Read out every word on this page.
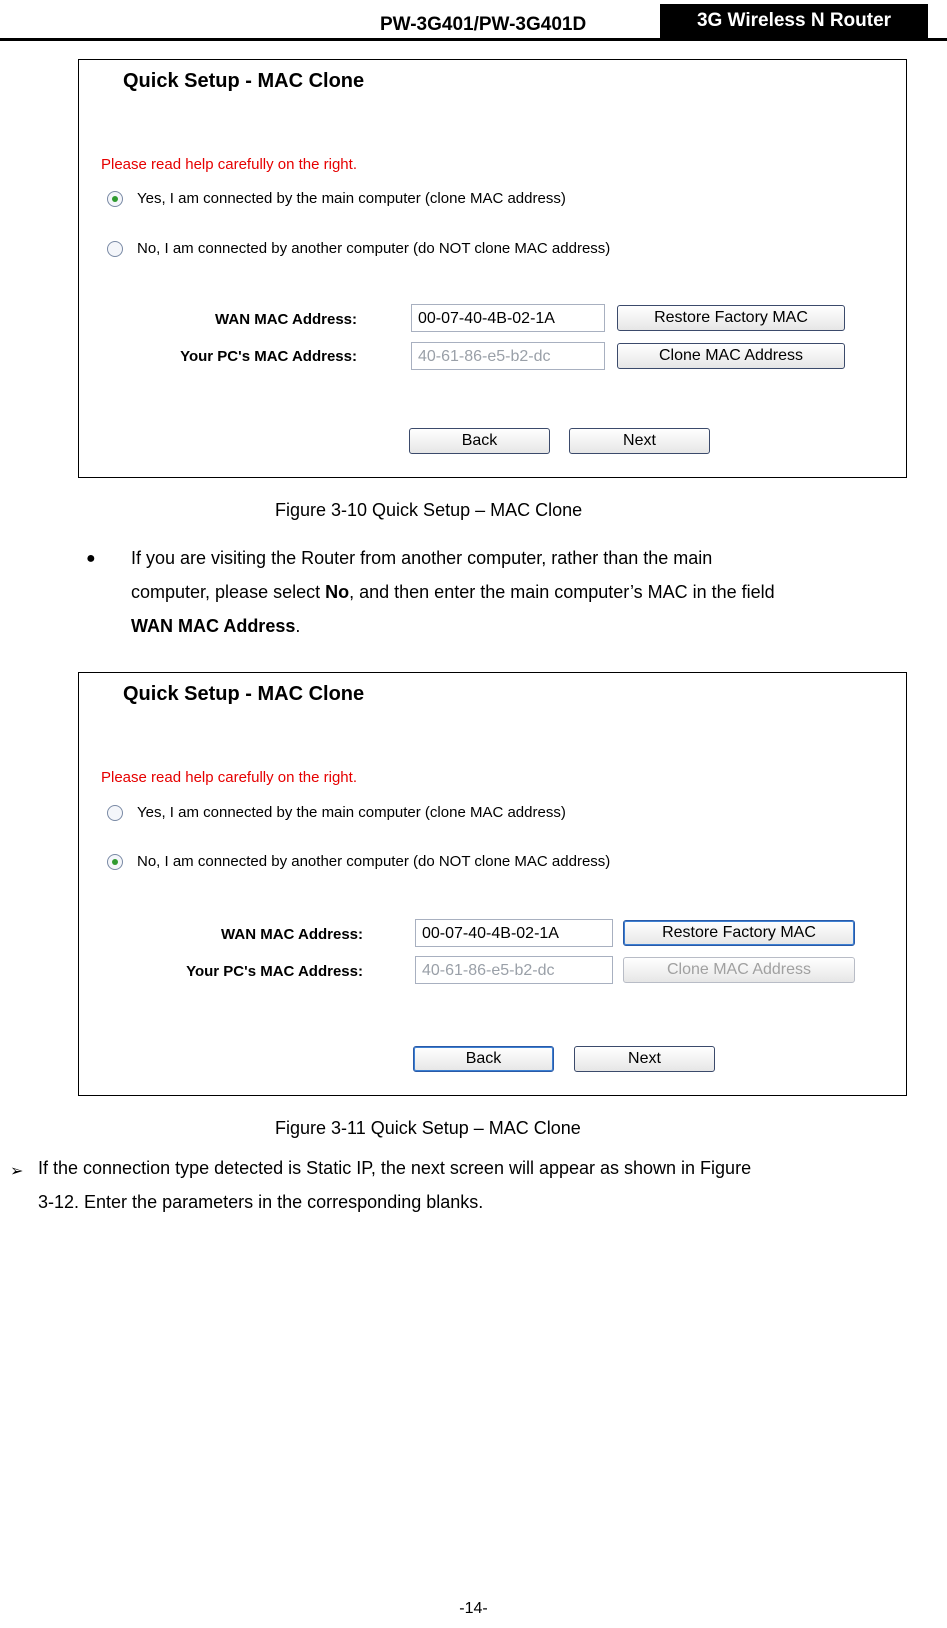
PW-3G401/PW-3G401D	3G Wireless N Router
Quick Setup - MAC Clone
Please read help carefully on the right.
Yes, I am connected by the main computer (clone MAC address)
No, I am connected by another computer (do NOT clone MAC address)
WAN MAC Address:	00-07-40-4B-02-1A	Restore Factory MAC
Your PC's MAC Address:	40-61-86-e5-b2-dc	Clone MAC Address
Back	Next
Figure 3-10 Quick Setup – MAC Clone
● If you are visiting the Router from another computer, rather than the main
computer, please select No, and then enter the main computer’s MAC in the field
WAN MAC Address.
Quick Setup - MAC Clone
Please read help carefully on the right.
Yes, I am connected by the main computer (clone MAC address)
No, I am connected by another computer (do NOT clone MAC address)
WAN MAC Address:	00-07-40-4B-02-1A	Restore Factory MAC
Your PC's MAC Address:	40-61-86-e5-b2-dc	Clone MAC Address
Back	Next
Figure 3-11 Quick Setup – MAC Clone
➢ If the connection type detected is Static IP, the next screen will appear as shown in Figure
3-12. Enter the parameters in the corresponding blanks.
-14-
